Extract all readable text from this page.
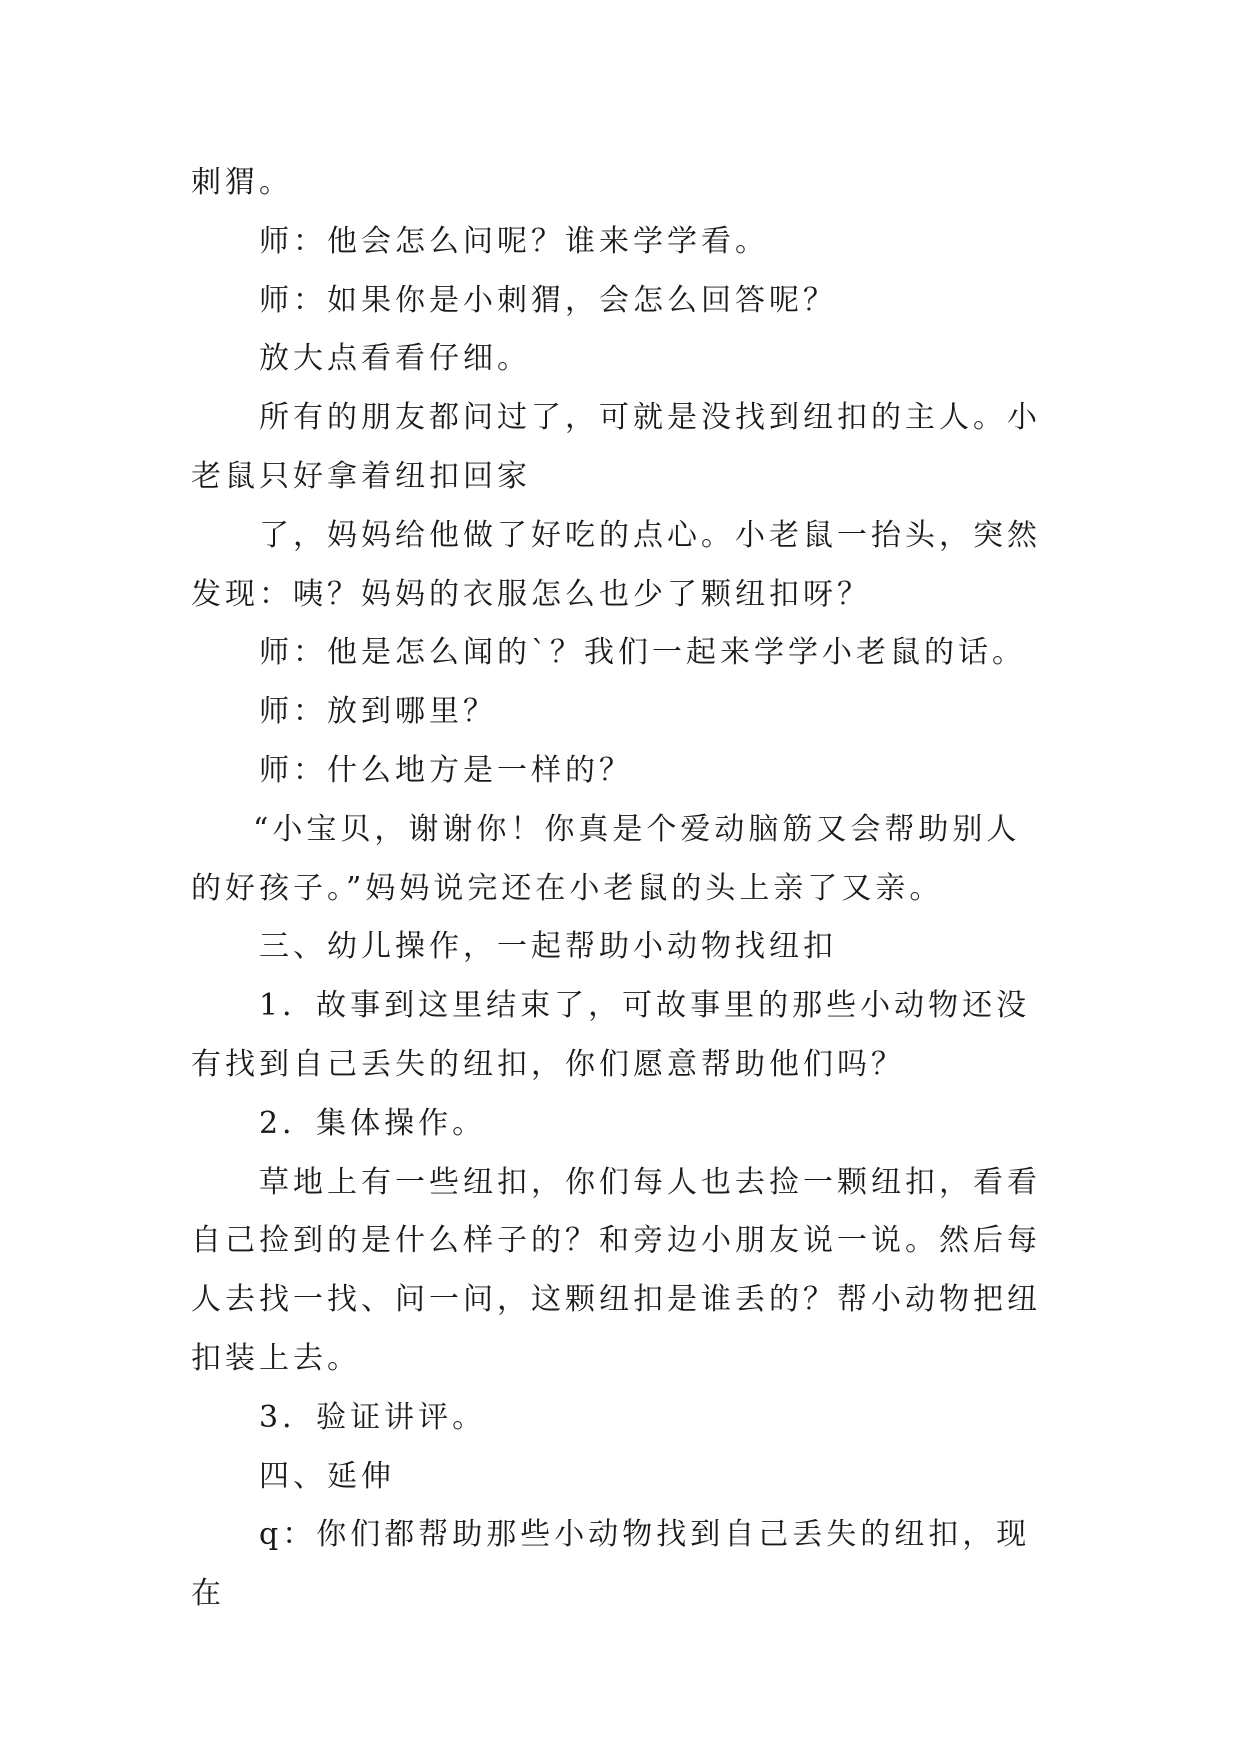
刺猬。

师：他会怎么问呢？谁来学学看。

师：如果你是小刺猬，会怎么回答呢？

放大点看看仔细。

所有的朋友都问过了，可就是没找到纽扣的主人。小老鼠只好拿着纽扣回家

了，妈妈给他做了好吃的点心。小老鼠一抬头，突然发现：咦？妈妈的衣服怎么也少了颗纽扣呀？

师：他是怎么闻的`？我们一起来学学小老鼠的话。

师：放到哪里？

师：什么地方是一样的？

“小宝贝，谢谢你！你真是个爱动脑筋又会帮助别人的好孩子。”妈妈说完还在小老鼠的头上亲了又亲。

三、幼儿操作，一起帮助小动物找纽扣

1．故事到这里结束了，可故事里的那些小动物还没有找到自己丢失的纽扣，你们愿意帮助他们吗？

2．集体操作。

草地上有一些纽扣，你们每人也去捡一颗纽扣，看看自己捡到的是什么样子的？和旁边小朋友说一说。然后每人去找一找、问一问，这颗纽扣是谁丢的？帮小动物把纽扣装上去。

3．验证讲评。

四、延伸

q：你们都帮助那些小动物找到自己丢失的纽扣，现在
